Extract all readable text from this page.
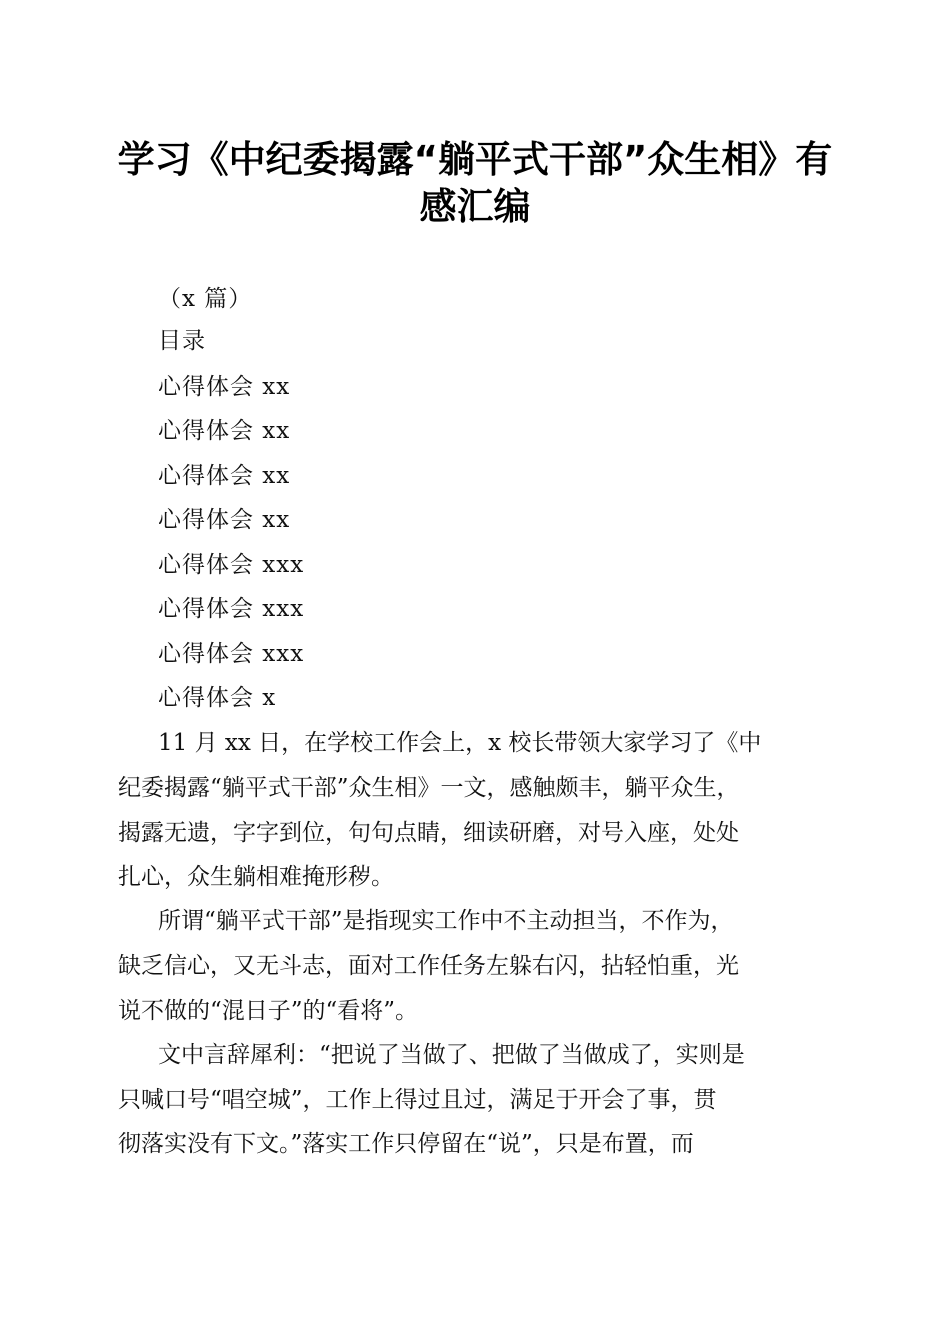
学习《中纪委揭露“躺平式干部”众生相》有
感汇编
（x 篇）
目录
心得体会 xx
心得体会 xx
心得体会 xx
心得体会 xx
心得体会 xxx
心得体会 xxx
心得体会 xxx
心得体会 x
11 月 xx 日，在学校工作会上，x 校长带领大家学习了《中
纪委揭露“躺平式干部”众生相》一文，感触颇丰，躺平众生，
揭露无遗，字字到位，句句点睛，细读研磨，对号入座，处处
扎心，众生躺相难掩形秽。
所谓“躺平式干部”是指现实工作中不主动担当，不作为，
缺乏信心，又无斗志，面对工作任务左躲右闪，拈轻怕重，光
说不做的“混日子”的“看将”。
文中言辞犀利：“把说了当做了、把做了当做成了，实则是
只喊口号“唱空城”，工作上得过且过，满足于开会了事，贯
彻落实没有下文。”落实工作只停留在“说”，只是布置，而
